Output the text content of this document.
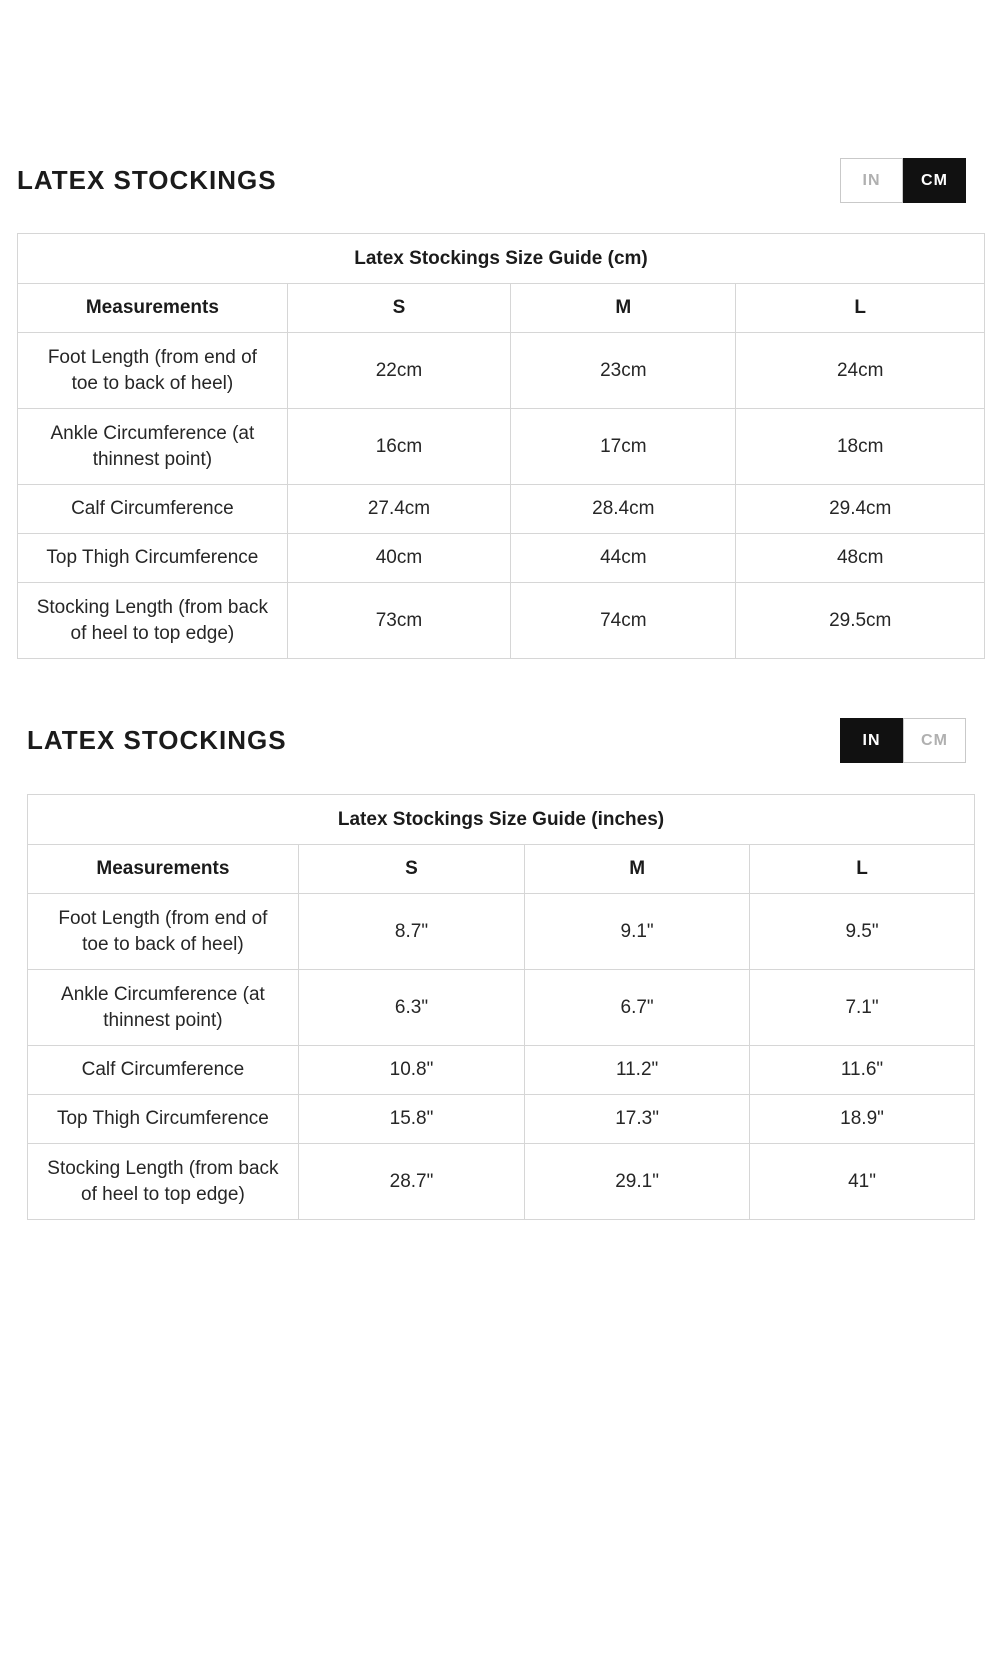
LATEX STOCKINGS	IN	CM
Latex Stockings Size Guide (cm)			
Measurements	S	M	L
Foot Length (from end of toe to back of heel)	22cm	23cm	24cm
Ankle Circumference (at thinnest point)	16cm	17cm	18cm
Calf Circumference	27.4cm	28.4cm	29.4cm
Top Thigh Circumference	40cm	44cm	48cm
Stocking Length (from back of heel to top edge)	73cm	74cm	29.5cm
LATEX STOCKINGS	IN	CM
Latex Stockings Size Guide (inches)			
Measurements	S	M	L
Foot Length (from end of toe to back of heel)	8.7"	9.1"	9.5"
Ankle Circumference (at thinnest point)	6.3"	6.7"	7.1"
Calf Circumference	10.8"	11.2"	11.6"
Top Thigh Circumference	15.8"	17.3"	18.9"
Stocking Length (from back of heel to top edge)	28.7"	29.1"	41"
